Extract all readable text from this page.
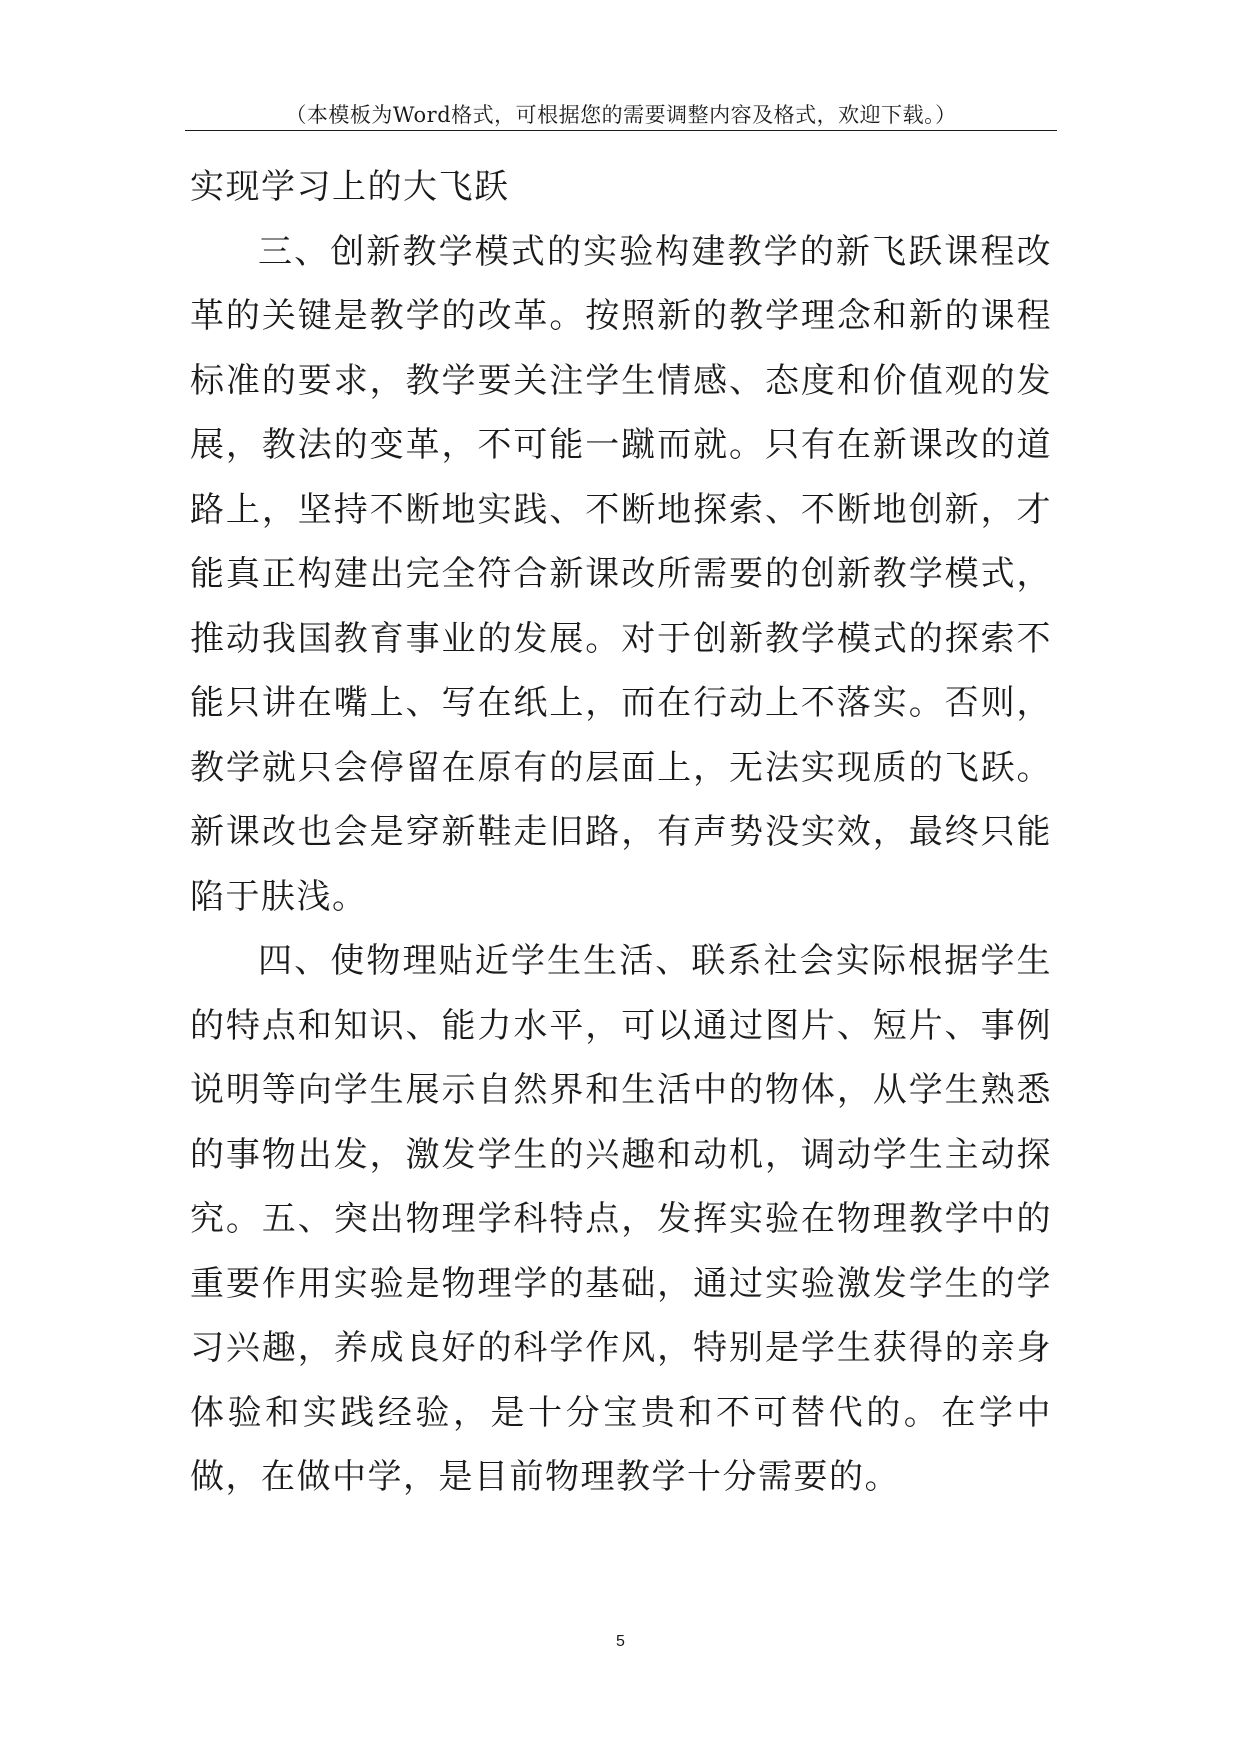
（本模板为Word格式，可根据您的需要调整内容及格式，欢迎下载。）

实现学习上的大飞跃

三、创新教学模式的实验构建教学的新飞跃课程改革的关键是教学的改革。按照新的教学理念和新的课程标准的要求，教学要关注学生情感、态度和价值观的发展，教法的变革，不可能一蹴而就。只有在新课改的道路上，坚持不断地实践、不断地探索、不断地创新，才能真正构建出完全符合新课改所需要的创新教学模式，推动我国教育事业的发展。对于创新教学模式的探索不能只讲在嘴上、写在纸上，而在行动上不落实。否则，教学就只会停留在原有的层面上，无法实现质的飞跃。新课改也会是穿新鞋走旧路，有声势没实效，最终只能陷于肤浅。

四、使物理贴近学生生活、联系社会实际根据学生的特点和知识、能力水平，可以通过图片、短片、事例说明等向学生展示自然界和生活中的物体，从学生熟悉的事物出发，激发学生的兴趣和动机，调动学生主动探究。五、突出物理学科特点，发挥实验在物理教学中的重要作用实验是物理学的基础，通过实验激发学生的学习兴趣，养成良好的科学作风，特别是学生获得的亲身体验和实践经验，是十分宝贵和不可替代的。在学中做，在做中学，是目前物理教学十分需要的。

5
